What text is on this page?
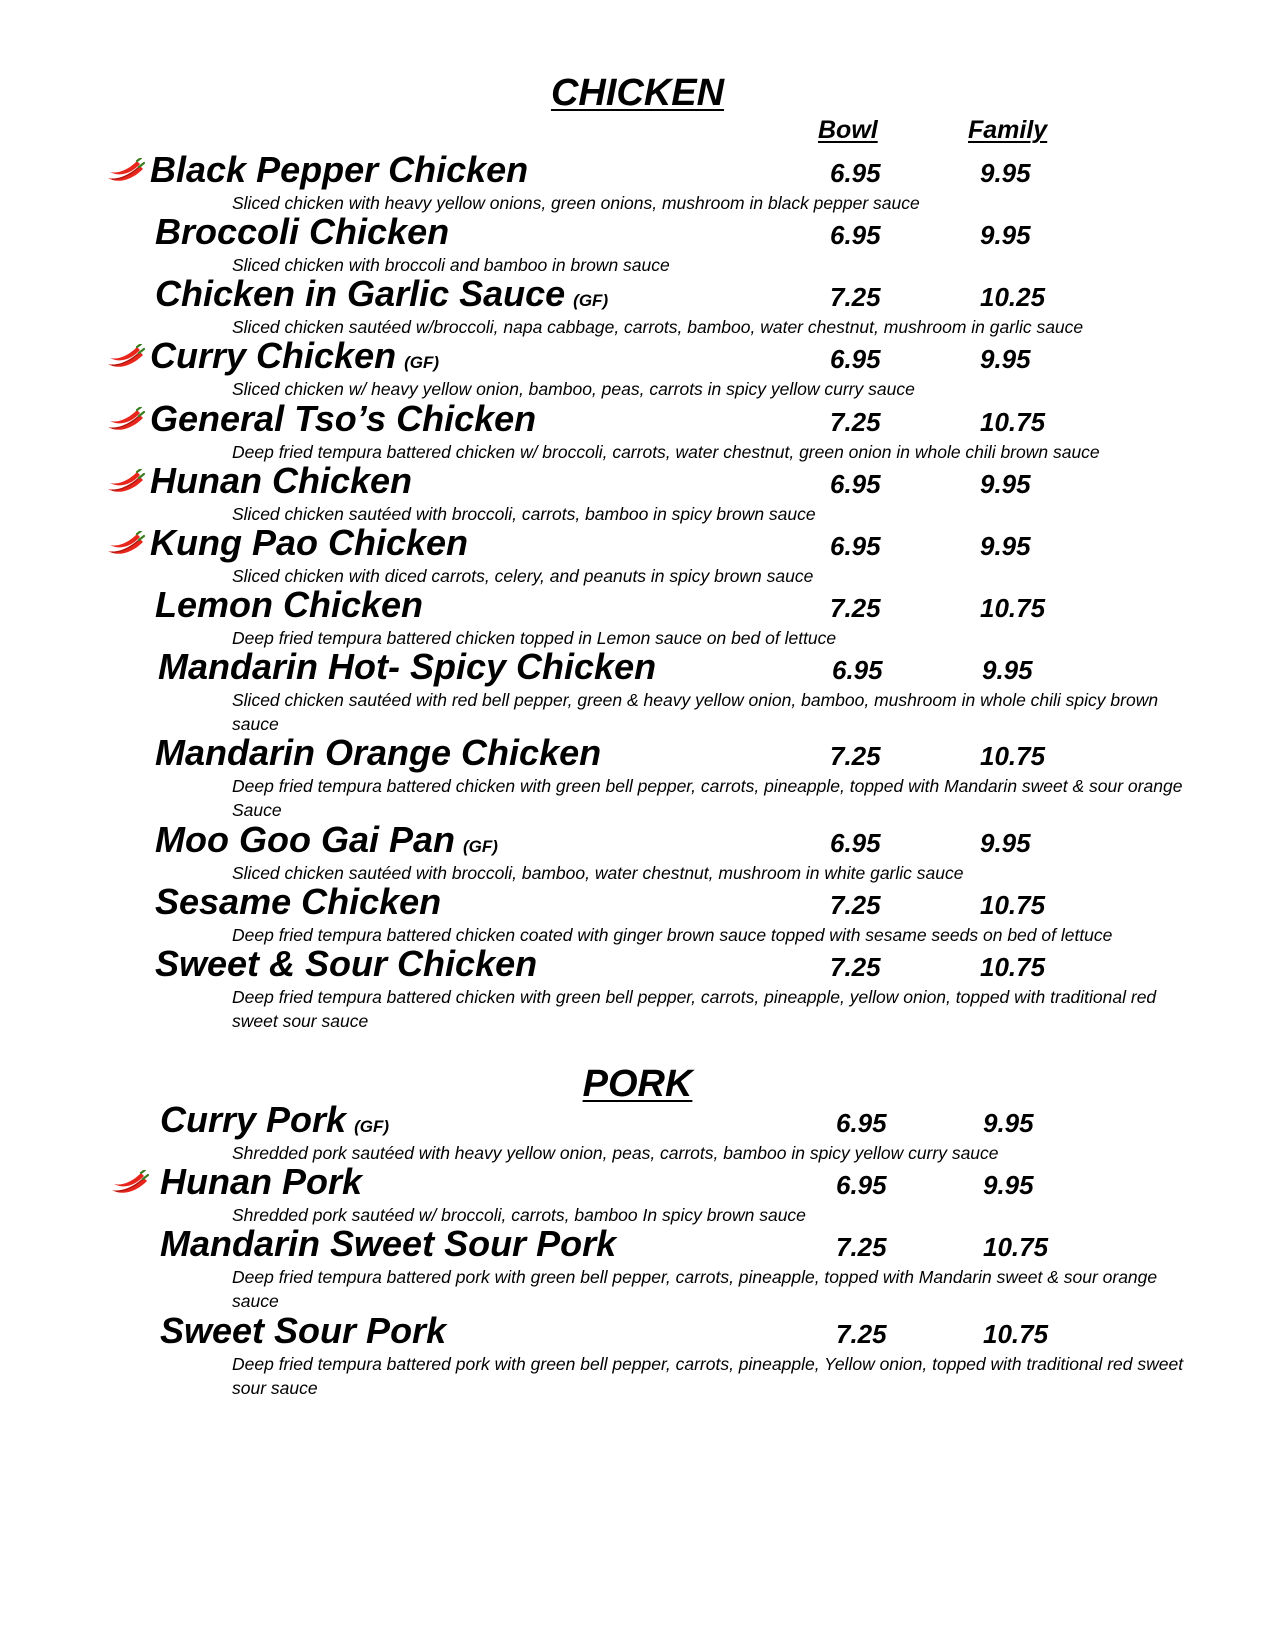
CHICKEN
Bowl	Family
Black Pepper Chicken	6.95	9.95
Sliced chicken with heavy yellow onions, green onions, mushroom in black pepper sauce
Broccoli Chicken	6.95	9.95
Sliced chicken with broccoli and bamboo in brown sauce
Chicken in Garlic Sauce (GF)	7.25	10.25
Sliced chicken sautéed w/broccoli, napa cabbage, carrots, bamboo, water chestnut, mushroom in garlic sauce
Curry Chicken (GF)	6.95	9.95
Sliced chicken w/ heavy yellow onion, bamboo, peas, carrots in spicy yellow curry sauce
General Tso’s Chicken	7.25	10.75
Deep fried tempura battered chicken w/ broccoli, carrots, water chestnut, green onion in whole chili brown sauce
Hunan Chicken	6.95	9.95
Sliced chicken sautéed with broccoli, carrots, bamboo in spicy brown sauce
Kung Pao Chicken	6.95	9.95
Sliced chicken with diced carrots, celery, and peanuts in spicy brown sauce
Lemon Chicken	7.25	10.75
Deep fried tempura battered chicken topped in Lemon sauce on bed of lettuce
Mandarin Hot- Spicy Chicken	6.95	9.95
Sliced chicken sautéed with red bell pepper, green & heavy yellow onion, bamboo, mushroom in whole chili spicy brown sauce
Mandarin Orange Chicken	7.25	10.75
Deep fried tempura battered chicken with green bell pepper, carrots, pineapple, topped with Mandarin sweet & sour orange Sauce
Moo Goo Gai Pan (GF)	6.95	9.95
Sliced chicken sautéed with broccoli, bamboo, water chestnut, mushroom in white garlic sauce
Sesame Chicken	7.25	10.75
Deep fried tempura battered chicken coated with ginger brown sauce topped with sesame seeds on bed of lettuce
Sweet & Sour Chicken	7.25	10.75
Deep fried tempura battered chicken with green bell pepper, carrots, pineapple, yellow onion, topped with traditional red sweet sour sauce
PORK
Curry Pork (GF)	6.95	9.95
Shredded pork sautéed with heavy yellow onion, peas, carrots, bamboo in spicy yellow curry sauce
Hunan Pork	6.95	9.95
Shredded pork sautéed w/ broccoli, carrots, bamboo In spicy brown sauce
Mandarin Sweet Sour Pork	7.25	10.75
Deep fried tempura battered pork with green bell pepper, carrots, pineapple, topped with Mandarin sweet & sour orange sauce
Sweet Sour Pork	7.25	10.75
Deep fried tempura battered pork with green bell pepper, carrots, pineapple, Yellow onion, topped with traditional red sweet sour sauce
